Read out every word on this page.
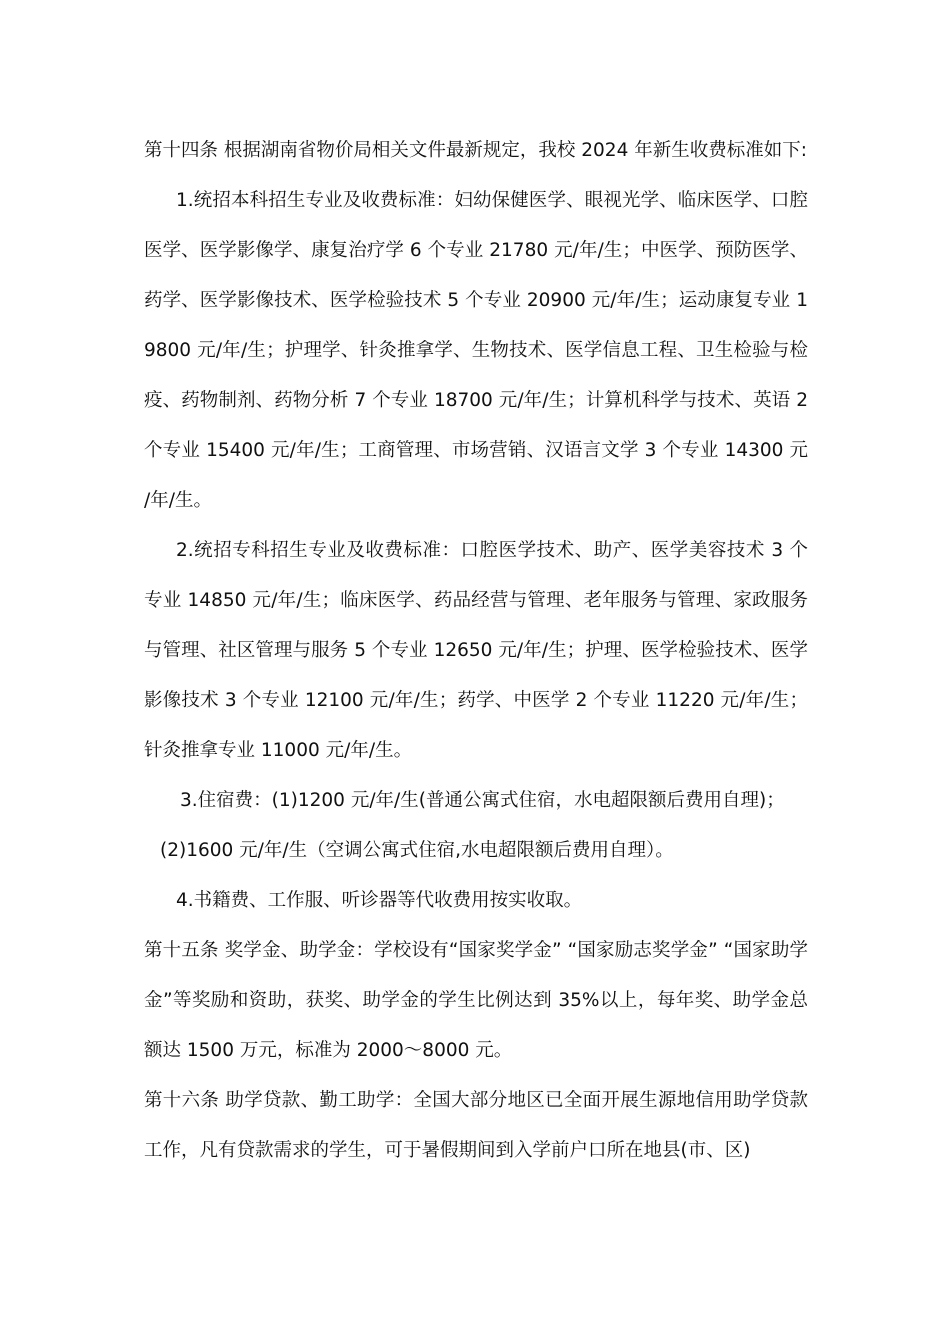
第十四条 根据湖南省物价局相关文件最新规定，我校 2024 年新生收费标准如下:

1.统招本科招生专业及收费标准：妇幼保健医学、眼视光学、临床医学、口腔医学、医学影像学、康复治疗学 6 个专业 21780 元/年/生；中医学、预防医学、药学、医学影像技术、医学检验技术 5 个专业 20900 元/年/生；运动康复专业 19800 元/年/生；护理学、针灸推拿学、生物技术、医学信息工程、卫生检验与检疫、药物制剂、药物分析 7 个专业 18700 元/年/生；计算机科学与技术、英语 2 个专业 15400 元/年/生；工商管理、市场营销、汉语言文学 3 个专业 14300 元/年/生。

2.统招专科招生专业及收费标准：口腔医学技术、助产、医学美容技术 3 个专业 14850 元/年/生；临床医学、药品经营与管理、老年服务与管理、家政服务与管理、社区管理与服务 5 个专业 12650 元/年/生；护理、医学检验技术、医学影像技术 3 个专业 12100 元/年/生；药学、中医学 2 个专业 11220 元/年/生；针灸推拿专业 11000 元/年/生。

3.住宿费：(1)1200 元/年/生(普通公寓式住宿，水电超限额后费用自理)；

(2)1600 元/年/生（空调公寓式住宿,水电超限额后费用自理）。

4.书籍费、工作服、听诊器等代收费用按实收取。

第十五条 奖学金、助学金：学校设有“国家奖学金” “国家励志奖学金” “国家助学金”等奖励和资助，获奖、助学金的学生比例达到 35%以上，每年奖、助学金总额达 1500 万元，标准为 2000～8000 元。

第十六条 助学贷款、勤工助学：全国大部分地区已全面开展生源地信用助学贷款工作，凡有贷款需求的学生，可于暑假期间到入学前户口所在地县(市、区)
